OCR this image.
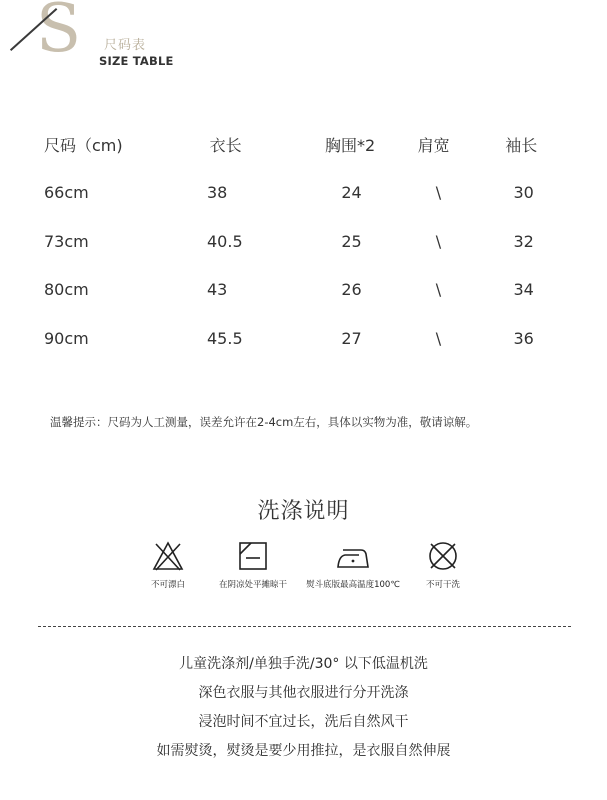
S 尺码表
SIZE TABLE
尺码（cm)	衣长	胸围*2	肩宽	袖长
66cm	38	24	\	30
73cm	40.5	25	\	32
80cm	43	26	\	34
90cm	45.5	27	\	36
温馨提示：尺码为人工测量，误差允许在2-4cm左右，具体以实物为准，敬请谅解。
洗涤说明
不可漂白	在阴凉处平摊晾干	熨斗底版最高温度100℃	不可干洗
儿童洗涤剂/单独手洗/30° 以下低温机洗
深色衣服与其他衣服进行分开洗涤
浸泡时间不宜过长，洗后自然风干
如需熨烫，熨烫是要少用推拉，是衣服自然伸展
